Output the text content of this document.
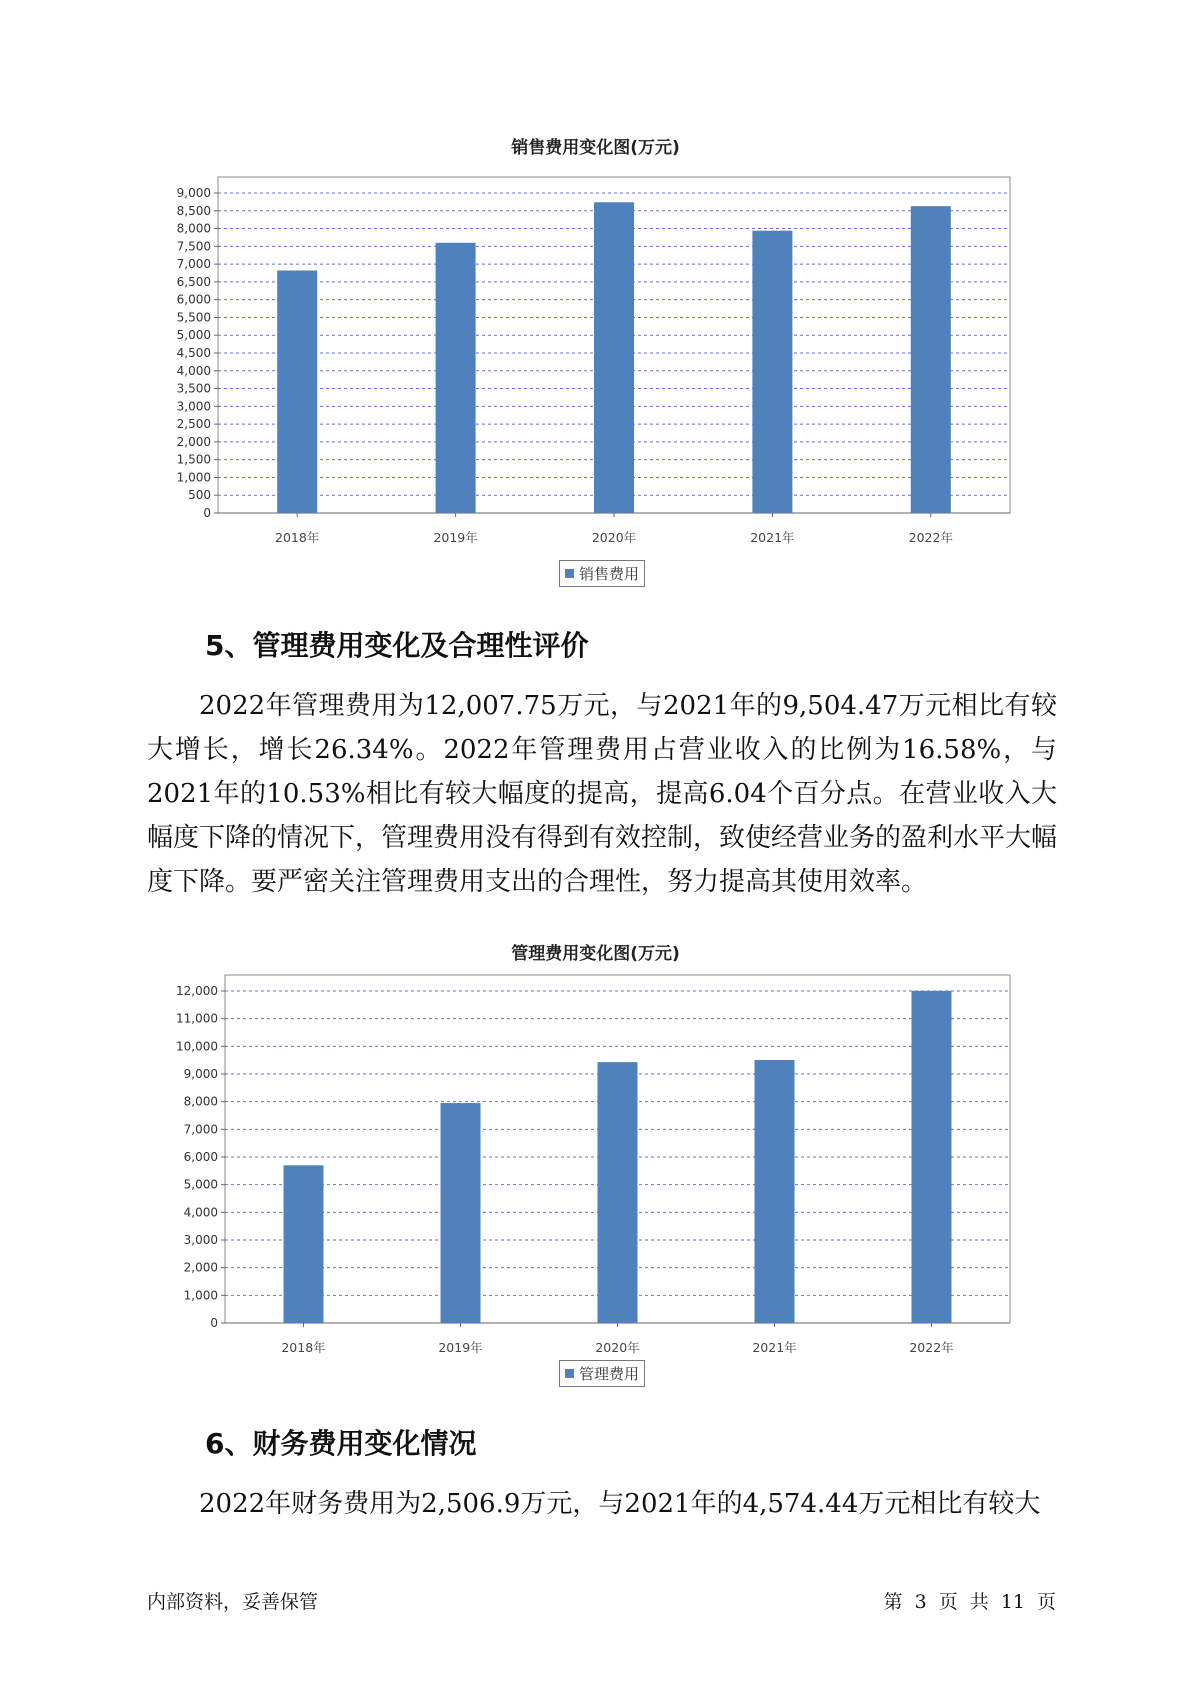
销售费用变化图(万元)
0
500
1,000
1,500
2,000
2,500
3,000
3,500
4,000
4,500
5,000
5,500
6,000
6,500
7,000
7,500
8,000
8,500
9,000
2018年	2019年	2020年	2021年	2022年
销售费用
5、管理费用变化及合理性评价

2022年管理费用为12,007.75万元，与2021年的9,504.47万元相比有较大增长，增长26.34%。2022年管理费用占营业收入的比例为16.58%，与2021年的10.53%相比有较大幅度的提高，提高6.04个百分点。在营业收入大幅度下降的情况下，管理费用没有得到有效控制，致使经营业务的盈利水平大幅度下降。要严密关注管理费用支出的合理性，努力提高其使用效率。

管理费用变化图(万元)
0
1,000
2,000
3,000
4,000
5,000
6,000
7,000
8,000
9,000
10,000
11,000
12,000
2018年	2019年	2020年	2021年	2022年
管理费用
6、财务费用变化情况

2022年财务费用为2,506.9万元，与2021年的4,574.44万元相比有较大

内部资料，妥善保管	第 3 页 共 11 页
